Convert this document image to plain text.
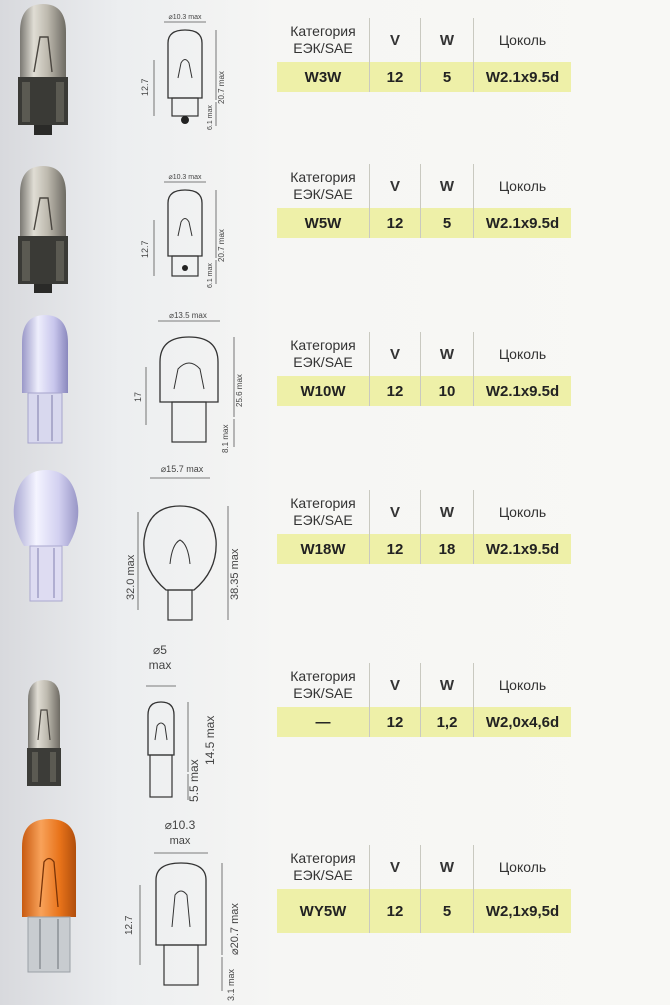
⌀10.3 max
12.7	20.7 max
6.1 max
Категория
ЕЭК/SAE	V	W	Цоколь
W3W	12	5	W2.1x9.5d
⌀10.3 max
12.7	20.7 max
6.1 max
Категория
ЕЭК/SAE	V	W	Цоколь
W5W	12	5	W2.1x9.5d
⌀13.5 max
17	25.6 max
8.1 max
Категория
ЕЭК/SAE	V	W	Цоколь
W10W	12	10	W2.1x9.5d
⌀15.7 max
32.0 max	38.35 max
Категория
ЕЭК/SAE	V	W	Цоколь
W18W	12	18	W2.1x9.5d
⌀5
max
14.5 max
5.5 max
Категория
ЕЭК/SAE	V	W	Цоколь
—	12	1,2	W2,0x4,6d
⌀10.3
max
12.7	⌀20.7 max
3.1 max
Категория
ЕЭК/SAE	V	W	Цоколь
WY5W	12	5	W2,1x9,5d
